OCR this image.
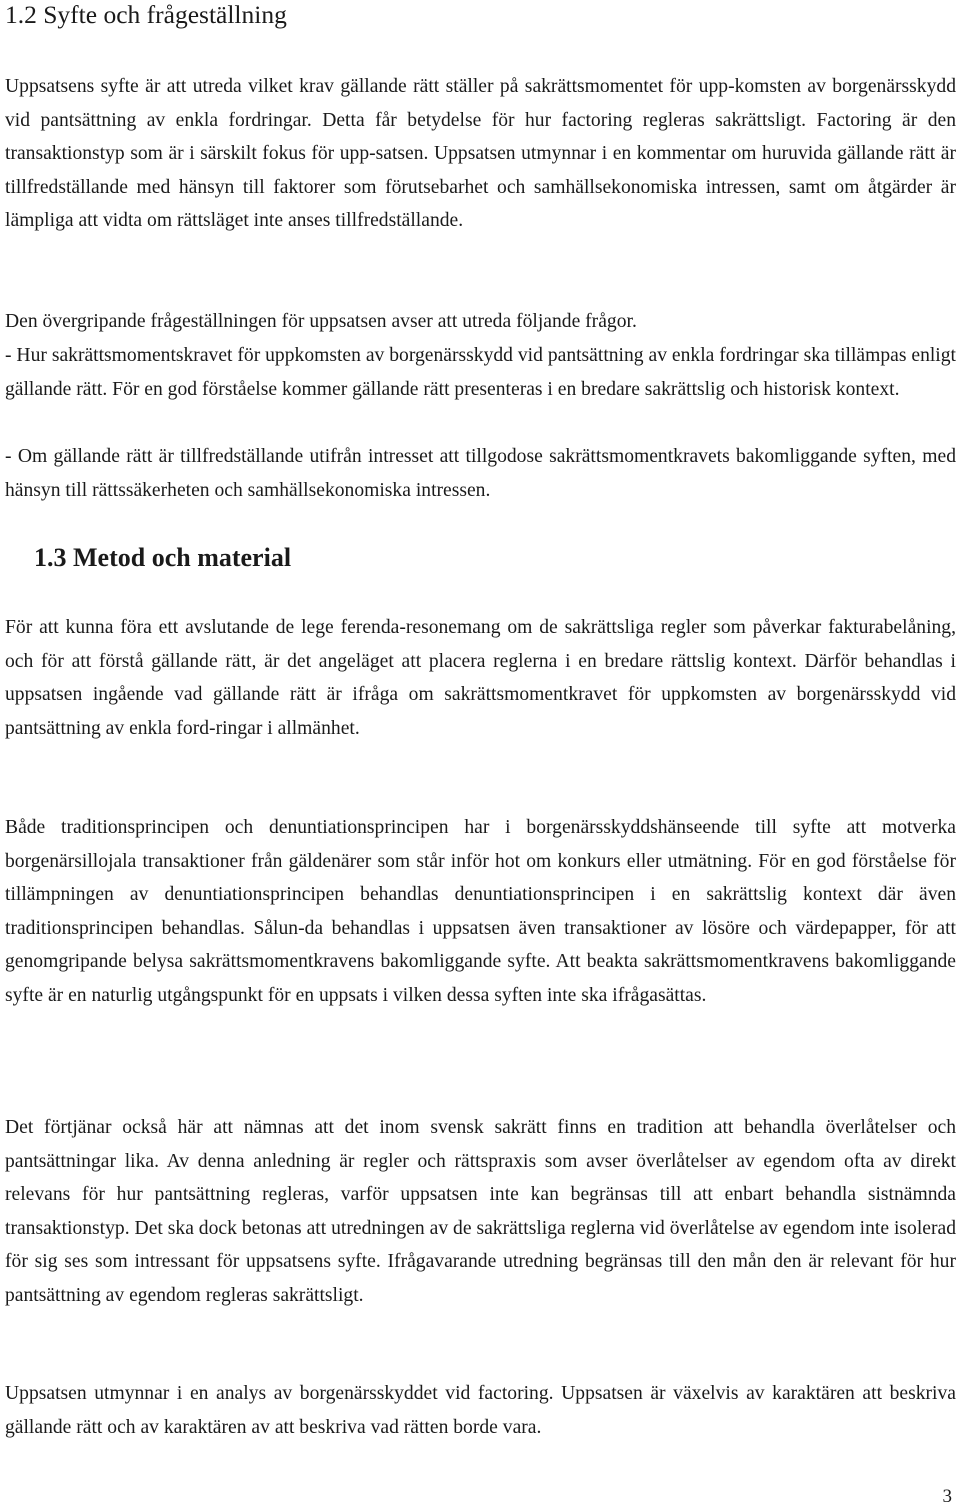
1.2 Syfte och frågeställning

Uppsatsens syfte är att utreda vilket krav gällande rätt ställer på sakrättsmomentet för upp-komsten av borgenärsskydd vid pantsättning av enkla fordringar. Detta får betydelse för hur factoring regleras sakrättsligt. Factoring är den transaktionstyp som är i särskilt fokus för upp-satsen. Uppsatsen utmynnar i en kommentar om huruvida gällande rätt är tillfredställande med hänsyn till faktorer som förutsebarhet och samhällsekonomiska intressen, samt om åtgärder är lämpliga att vidta om rättsläget inte anses tillfredställande.

Den övergripande frågeställningen för uppsatsen avser att utreda följande frågor.

- Hur sakrättsmomentskravet för uppkomsten av borgenärsskydd vid pantsättning av enkla fordringar ska tillämpas enligt gällande rätt. För en god förståelse kommer gällande rätt presenteras i en bredare sakrättslig och historisk kontext.

- Om gällande rätt är tillfredställande utifrån intresset att tillgodose sakrättsmomentkravets bakomliggande syften, med hänsyn till rättssäkerheten och samhällsekonomiska intressen.

1.3 Metod och material

För att kunna föra ett avslutande de lege ferenda-resonemang om de sakrättsliga regler som påverkar fakturabelåning, och för att förstå gällande rätt, är det angeläget att placera reglerna i en bredare rättslig kontext. Därför behandlas i uppsatsen ingående vad gällande rätt är ifråga om sakrättsmomentkravet för uppkomsten av borgenärsskydd vid pantsättning av enkla ford-ringar i allmänhet.

Både traditionsprincipen och denuntiationsprincipen har i borgenärsskyddshänseende till syfte att motverka borgenärsillojala transaktioner från gäldenärer som står inför hot om konkurs eller utmätning. För en god förståelse för tillämpningen av denuntiationsprincipen behandlas denuntiationsprincipen i en sakrättslig kontext där även traditionsprincipen behandlas. Sålun-da behandlas i uppsatsen även transaktioner av lösöre och värdepapper, för att genomgripande belysa sakrättsmomentkravens bakomliggande syfte. Att beakta sakrättsmomentkravens bakomliggande syfte är en naturlig utgångspunkt för en uppsats i vilken dessa syften inte ska ifrågasättas.

Det förtjänar också här att nämnas att det inom svensk sakrätt finns en tradition att behandla överlåtelser och pantsättningar lika. Av denna anledning är regler och rättspraxis som avser överlåtelser av egendom ofta av direkt relevans för hur pantsättning regleras, varför uppsatsen inte kan begränsas till att enbart behandla sistnämnda transaktionstyp. Det ska dock betonas att utredningen av de sakrättsliga reglerna vid överlåtelse av egendom inte isolerad för sig ses som intressant för uppsatsens syfte. Ifrågavarande utredning begränsas till den mån den är relevant för hur pantsättning av egendom regleras sakrättsligt.

Uppsatsen utmynnar i en analys av borgenärsskyddet vid factoring. Uppsatsen är växelvis av karaktären att beskriva gällande rätt och av karaktären av att beskriva vad rätten borde vara.

3
